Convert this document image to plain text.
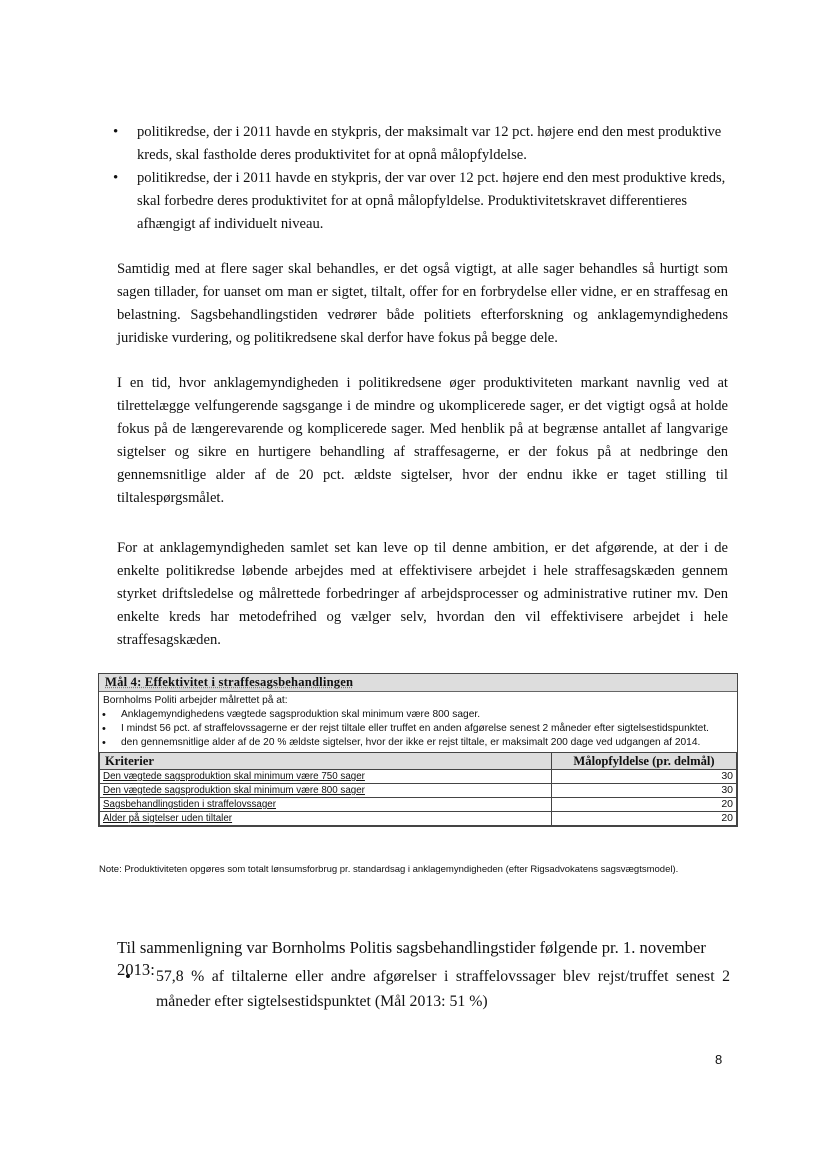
• politikredse, der i 2011 havde en stykpris, der maksimalt var 12 pct. højere end den mest produktive kreds, skal fastholde deres produktivitet for at opnå målopfyldelse.
• politikredse, der i 2011 havde en stykpris, der var over 12 pct. højere end den mest produktive kreds, skal forbedre deres produktivitet for at opnå målopfyldelse. Produktivitetskravet differentieres afhængigt af individuelt niveau.

Samtidig med at flere sager skal behandles, er det også vigtigt, at alle sager behandles så hurtigt som sagen tillader, for uanset om man er sigtet, tiltalt, offer for en forbrydelse eller vidne, er en straffesag en belastning. Sagsbehandlingstiden vedrører både politiets efterforskning og anklagemyndighedens juridiske vurdering, og politikredsene skal derfor have fokus på begge dele.

I en tid, hvor anklagemyndigheden i politikredsene øger produktiviteten markant navnlig ved at tilrettelægge velfungerende sagsgange i de mindre og ukomplicerede sager, er det vigtigt også at holde fokus på de længerevarende og komplicerede sager. Med henblik på at begrænse antallet af langvarige sigtelser og sikre en hurtigere behandling af straffesagerne, er der fokus på at nedbringe den gennemsnitlige alder af de 20 pct. ældste sigtelser, hvor der endnu ikke er taget stilling til tiltalespørgsmålet.

For at anklagemyndigheden samlet set kan leve op til denne ambition, er det afgørende, at der i de enkelte politikredse løbende arbejdes med at effektivisere arbejdet i hele straffesagskæden gennem styrket driftsledelse og målrettede forbedringer af arbejdsprocesser og administrative rutiner mv. Den enkelte kreds har metodefrihed og vælger selv, hvordan den vil effektivisere arbejdet i hele straffesagskæden.

Mål 4: Effektivitet i straffesagsbehandlingen
Bornholms Politi arbejder målrettet på at:
• Anklagemyndighedens vægtede sagsproduktion skal minimum være 800 sager.
• I mindst 56 pct. af straffelovssagerne er der rejst tiltale eller truffet en anden afgørelse senest 2 måneder efter sigtelsestidspunktet.
• den gennemsnitlige alder af de 20 % ældste sigtelser, hvor der ikke er rejst tiltale, er maksimalt 200 dage ved udgangen af 2014.
Kriterier	Målopfyldelse (pr. delmål)
Den vægtede sagsproduktion skal minimum være 750 sager	30
Den vægtede sagsproduktion skal minimum være 800 sager	30
Sagsbehandlingstiden i straffelovssager	20
Alder på sigtelser uden tiltaler	20

Note: Produktiviteten opgøres som totalt lønsumsforbrug pr. standardsag i anklagemyndigheden (efter Rigsadvokatens sagsvægtsmodel).

Til sammenligning var Bornholms Politis sagsbehandlingstider følgende pr. 1. november 2013: • 57,8 % af tiltalerne eller andre afgørelser i straffelovssager blev rejst/truffet senest 2 måneder efter sigtelsestidspunktet (Mål 2013: 51 %)
8
